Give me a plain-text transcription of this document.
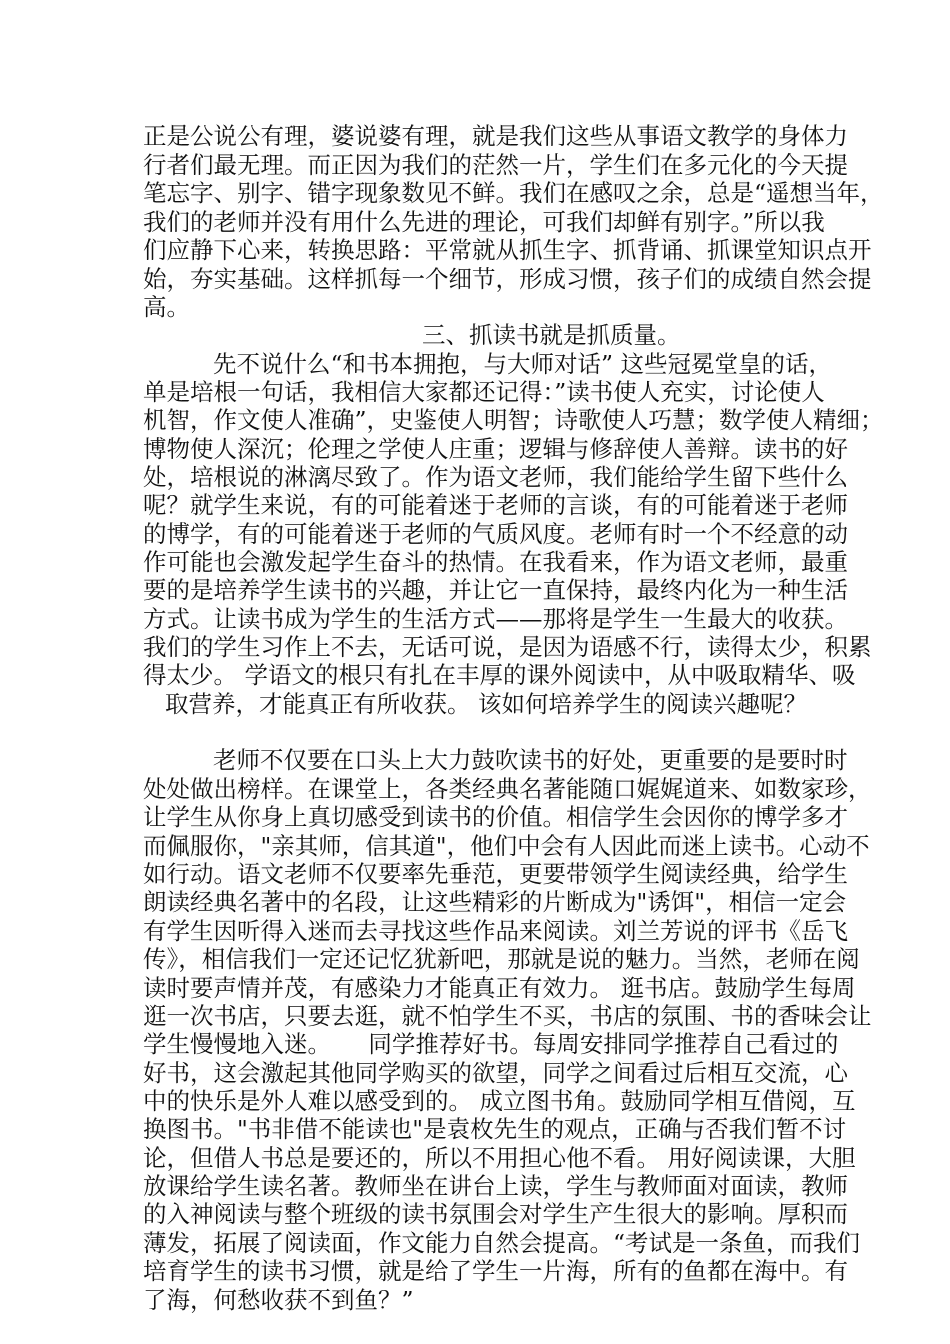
正是公说公有理，婆说婆有理，就是我们这些从事语文教学的身体力
行者们最无理。而正因为我们的茫然一片，学生们在多元化的今天提
笔忘字、别字、错字现象数见不鲜。我们在感叹之余，总是“遥想当年，
我们的老师并没有用什么先进的理论，可我们却鲜有别字。”所以我
们应静下心来，转换思路：平常就从抓生字、抓背诵、抓课堂知识点开
始，夯实基础。这样抓每一个细节，形成习惯，孩子们的成绩自然会提
高。
三、抓读书就是抓质量。
先不说什么“和书本拥抱，与大师对话” 这些冠冕堂皇的话，
单是培根一句话，我相信大家都还记得：”读书使人充实，讨论使人
机智，作文使人准确”，史鉴使人明智；诗歌使人巧慧；数学使人精细；
博物使人深沉；伦理之学使人庄重；逻辑与修辞使人善辩。读书的好
处，培根说的淋漓尽致了。作为语文老师，我们能给学生留下些什么
呢？就学生来说，有的可能着迷于老师的言谈，有的可能着迷于老师
的博学，有的可能着迷于老师的气质风度。老师有时一个不经意的动
作可能也会激发起学生奋斗的热情。在我看来，作为语文老师，最重
要的是培养学生读书的兴趣，并让它一直保持，最终内化为一种生活
方式。让读书成为学生的生活方式——那将是学生一生最大的收获。
我们的学生习作上不去，无话可说，是因为语感不行，读得太少，积累
得太少。 学语文的根只有扎在丰厚的课外阅读中，从中吸取精华、吸
取营养，才能真正有所收获。 该如何培养学生的阅读兴趣呢？
老师不仅要在口头上大力鼓吹读书的好处，更重要的是要时时
处处做出榜样。在课堂上，各类经典名著能随口娓娓道来、如数家珍，
让学生从你身上真切感受到读书的价值。相信学生会因你的博学多才
而佩服你，"亲其师，信其道"，他们中会有人因此而迷上读书。心动不
如行动。语文老师不仅要率先垂范，更要带领学生阅读经典，给学生
朗读经典名著中的名段，让这些精彩的片断成为"诱饵"，相信一定会
有学生因听得入迷而去寻找这些作品来阅读。刘兰芳说的评书《岳飞
传》，相信我们一定还记忆犹新吧，那就是说的魅力。当然，老师在阅
读时要声情并茂，有感染力才能真正有效力。 逛书店。鼓励学生每周
逛一次书店，只要去逛，就不怕学生不买，书店的氛围、书的香味会让
学生慢慢地入迷。     同学推荐好书。每周安排同学推荐自己看过的
好书，这会激起其他同学购买的欲望，同学之间看过后相互交流，心
中的快乐是外人难以感受到的。 成立图书角。鼓励同学相互借阅，互
换图书。"书非借不能读也"是袁枚先生的观点，正确与否我们暂不讨
论，但借人书总是要还的，所以不用担心他不看。 用好阅读课，大胆
放课给学生读名著。教师坐在讲台上读，学生与教师面对面读，教师
的入神阅读与整个班级的读书氛围会对学生产生很大的影响。厚积而
薄发，拓展了阅读面，作文能力自然会提高。“考试是一条鱼，而我们
培育学生的读书习惯，就是给了学生一片海，所有的鱼都在海中。有
了海，何愁收获不到鱼？”
